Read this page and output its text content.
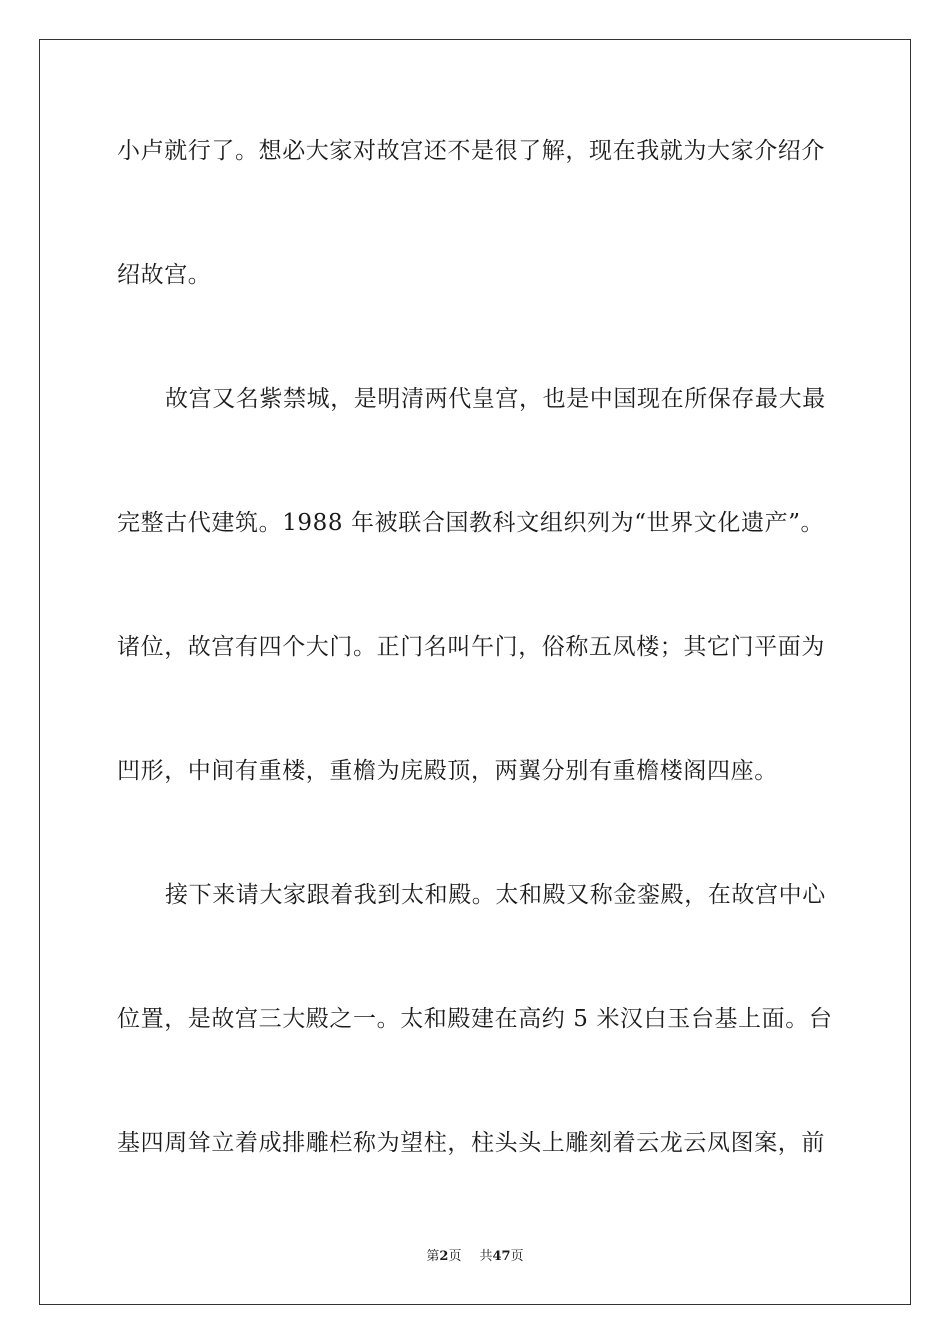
小卢就行了。想必大家对故宫还不是很了解，现在我就为大家介绍介
绍故宫。
故宫又名紫禁城，是明清两代皇宫，也是中国现在所保存最大最
完整古代建筑。1988 年被联合国教科文组织列为“世界文化遗产”。
诸位，故宫有四个大门。正门名叫午门，俗称五凤楼；其它门平面为
凹形，中间有重楼，重檐为庑殿顶，两翼分别有重檐楼阁四座。
接下来请大家跟着我到太和殿。太和殿又称金銮殿，在故宫中心
位置，是故宫三大殿之一。太和殿建在高约 5 米汉白玉台基上面。台
基四周耸立着成排雕栏称为望柱，柱头头上雕刻着云龙云凤图案，前
第2页 共47页
